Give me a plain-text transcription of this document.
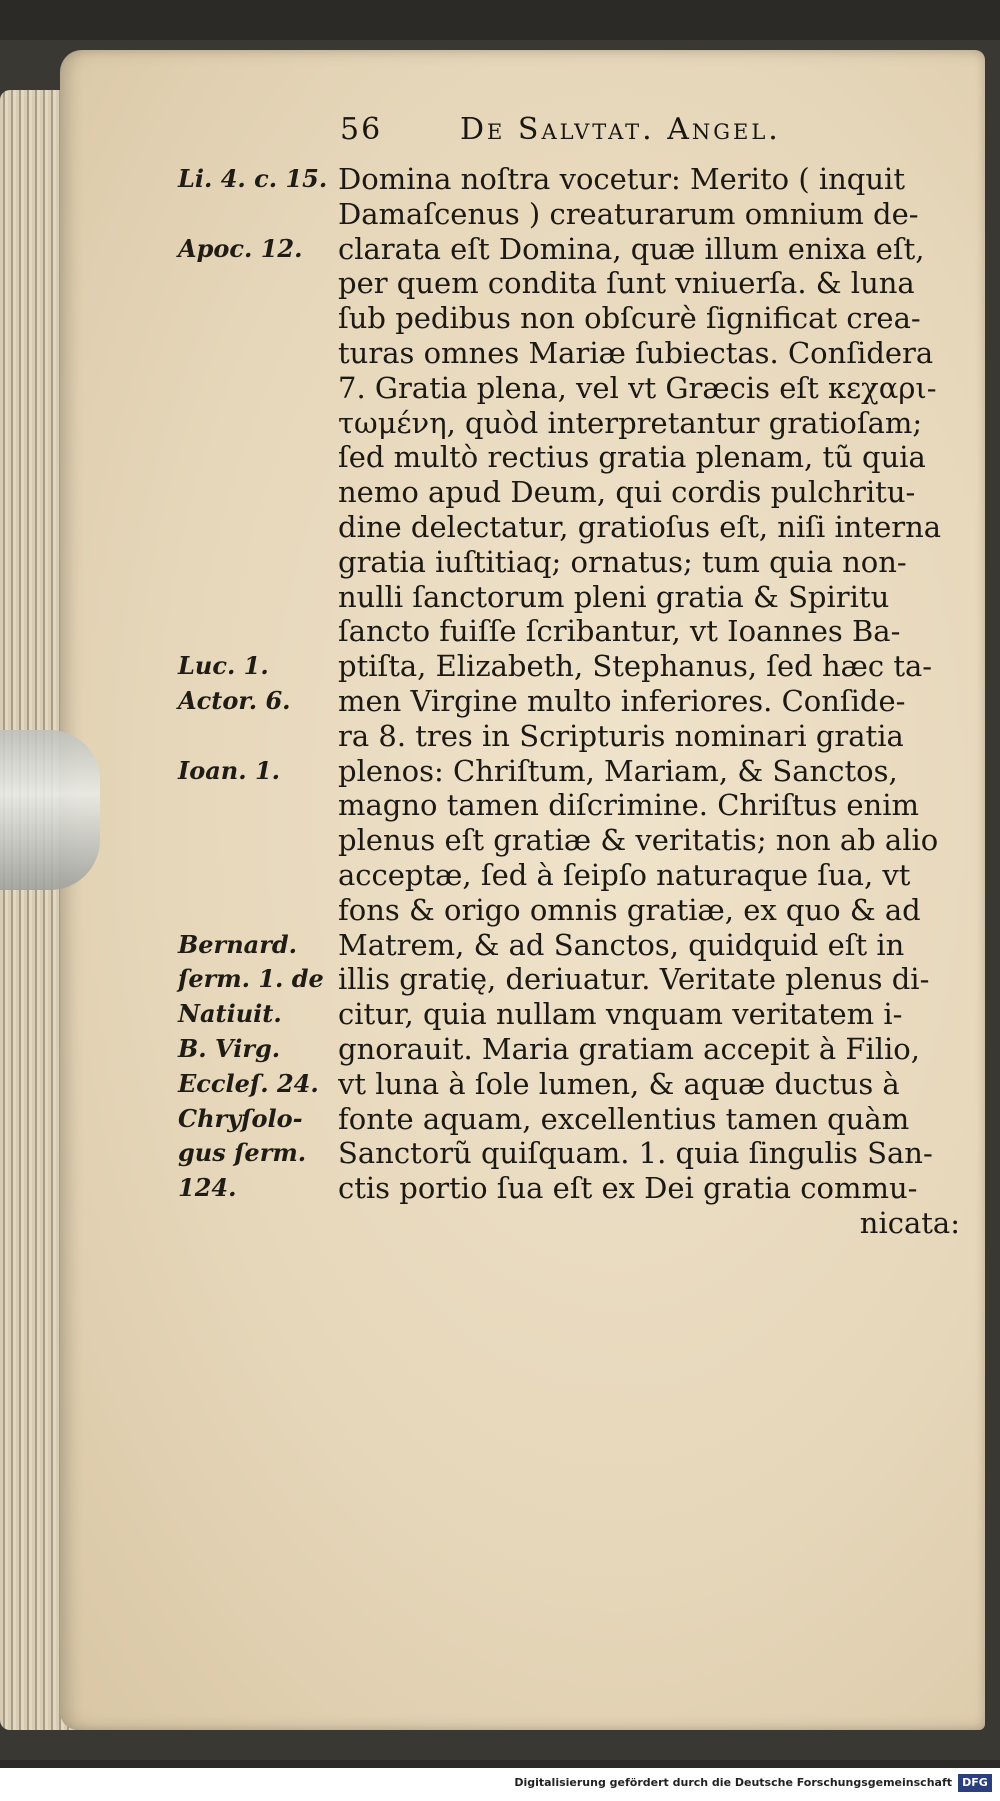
56	De Salvtat. Angel.
Domina noſtra vocetur: Merito ( inquit
Damaſcenus ) creaturarum omnium de-
clarata eſt Domina, quæ illum enixa eſt,
per quem condita ſunt vniuerſa. & luna
ſub pedibus non obſcurè ſignificat crea-
turas omnes Mariæ ſubiectas. Conſidera
7. Gratia plena, vel vt Græcis eſt κεχαρι-
τωμένη, quòd interpretantur gratioſam;
ſed multò rectius gratia plenam, tũ quia
nemo apud Deum, qui cordis pulchritu-
dine delectatur, gratioſus eſt, niſi interna
gratia iuſtitiaq; ornatus; tum quia non-
nulli ſanctorum pleni gratia & Spiritu
ſancto fuiſſe ſcribantur, vt Ioannes Ba-
ptiſta, Elizabeth, Stephanus, ſed hæc ta-
men Virgine multo inferiores. Conſide-
ra 8. tres in Scripturis nominari gratia
plenos: Chriſtum, Mariam, & Sanctos,
magno tamen diſcrimine. Chriſtus enim
plenus eſt gratiæ & veritatis; non ab alio
acceptæ, ſed à ſeipſo naturaque ſua, vt
fons & origo omnis gratiæ, ex quo & ad
Matrem, & ad Sanctos, quidquid eſt in
illis gratię, deriuatur. Veritate plenus di-
citur, quia nullam vnquam veritatem i-
gnorauit. Maria gratiam accepit à Filio,
vt luna à ſole lumen, & aquæ ductus à
fonte aquam, excellentius tamen quàm
Sanctorũ quiſquam. 1. quia ſingulis San-
ctis portio ſua eſt ex Dei gratia commu-
nicata:
Li. 4. c. 15.
Apoc. 12.
Luc. 1.
Actor. 6.
Ioan. 1.
Bernard.
ſerm. 1. de
Natiuit.
B. Virg.
Eccleſ. 24.
Chryſolo-
gus ſerm.
124.
Digitalisierung gefördert durch die Deutsche Forschungsgemeinschaft DFG
